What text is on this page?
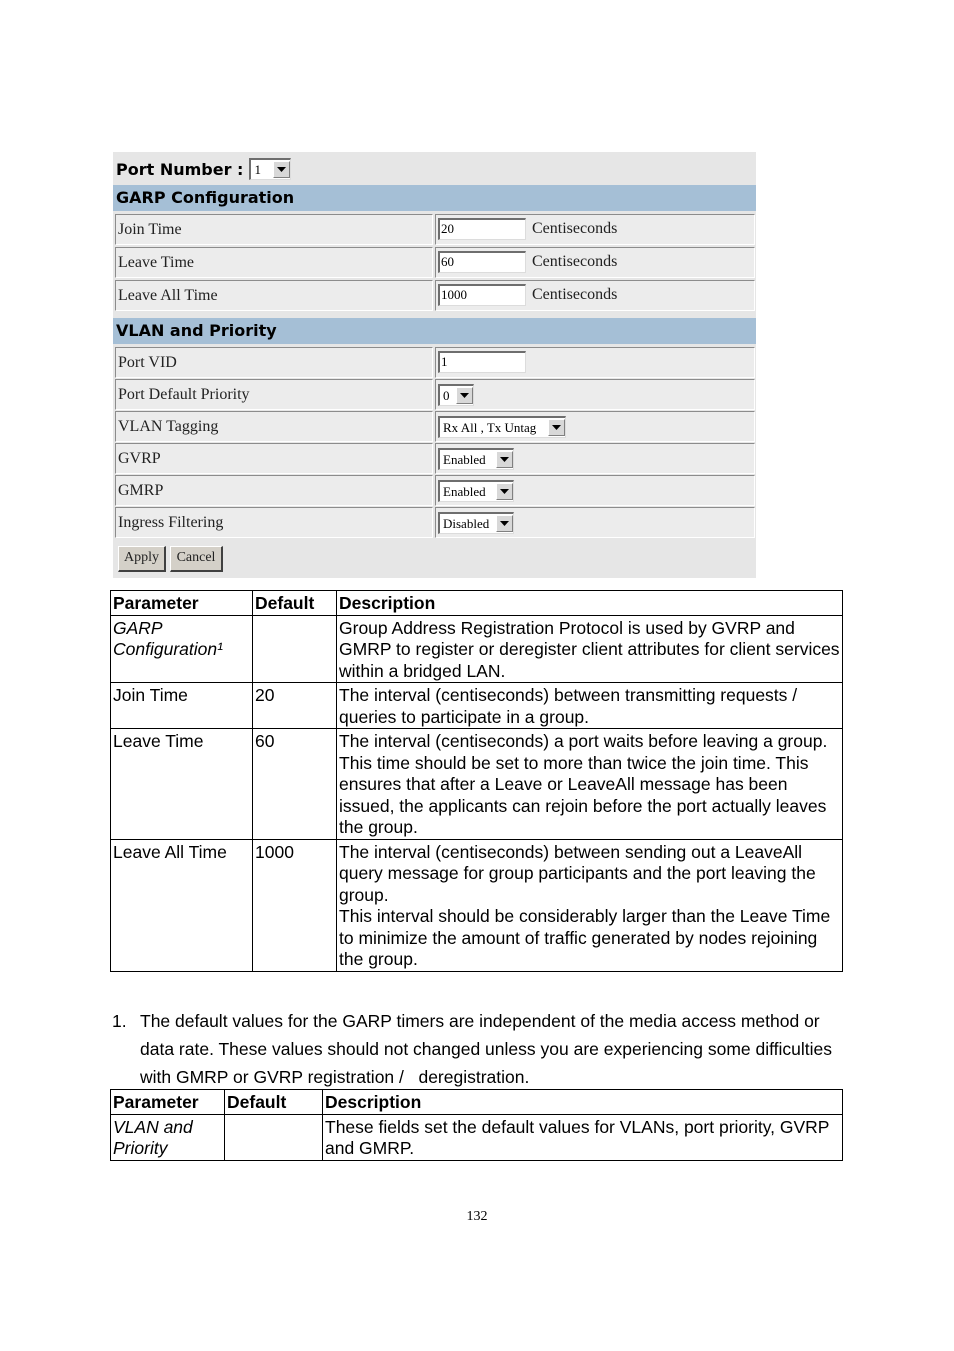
Port Number : 1
GARP Configuration
Join Time	20	Centiseconds
Leave Time	60	Centiseconds
Leave All Time	1000	Centiseconds
VLAN and Priority
Port VID	1
Port Default Priority	0
VLAN Tagging	Rx All , Tx Untag
GVRP	Enabled
GMRP	Enabled
Ingress Filtering	Disabled
Apply	Cancel
Parameter	Default	Description
GARP Configuration¹		Group Address Registration Protocol is used by GVRP and GMRP to register or deregister client attributes for client services within a bridged LAN.

Join Time	20	The interval (centiseconds) between transmitting requests / queries to participate in a group.

Leave Time	60	The interval (centiseconds) a port waits before leaving a group.
This time should be set to more than twice the join time. This ensures that after a Leave or LeaveAll message has been issued, the applicants can rejoin before the port actually leaves the group.

Leave All Time	1000	The interval (centiseconds) between sending out a LeaveAll query message for group participants and the port leaving the group.
This interval should be considerably larger than the Leave Time to minimize the amount of traffic generated by nodes rejoining the group.
1. The default values for the GARP timers are independent of the media access method or data rate. These values should not changed unless you are experiencing some difficulties with GMRP or GVRP registration /   deregistration.
Parameter	Default	Description
VLAN and Priority		These fields set the default values for VLANs, port priority, GVRP and GMRP.
132
